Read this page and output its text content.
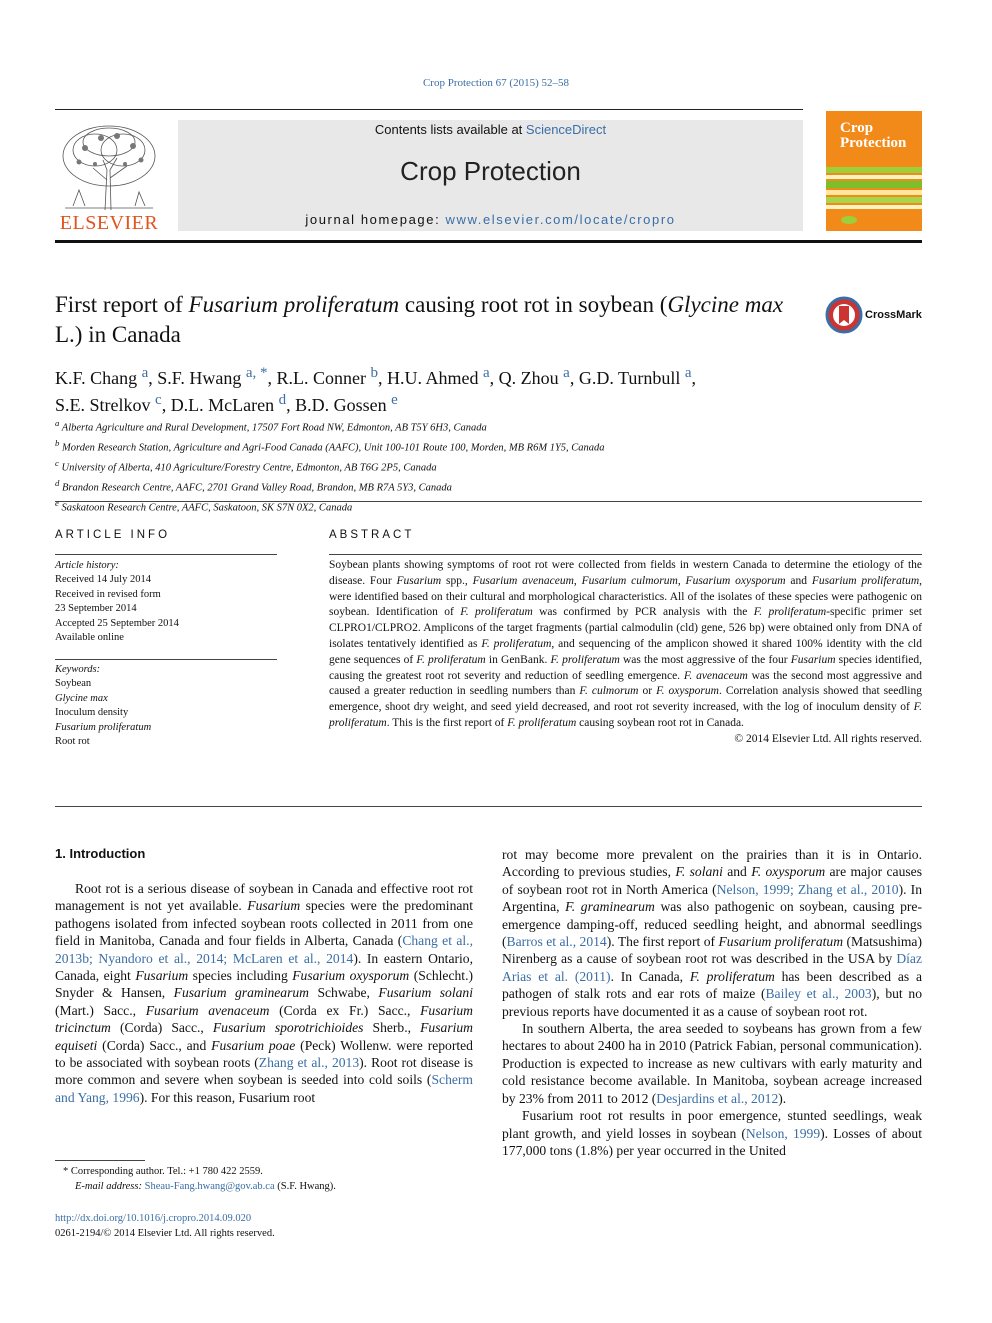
Crop Protection 67 (2015) 52–58
ELSEVIER
Contents lists available at ScienceDirect
Crop Protection
journal homepage: www.elsevier.com/locate/cropro
Crop
Protection
First report of Fusarium proliferatum causing root rot in soybean (Glycine max L.) in Canada
CrossMark
K.F. Chang $^a$, S.F. Hwang $^{a, *}$, R.L. Conner $^b$, H.U. Ahmed $^a$, Q. Zhou $^a$, G.D. Turnbull $^a$,
S.E. Strelkov $^c$, D.L. McLaren $^d$, B.D. Gossen $^e$
$^a$ Alberta Agriculture and Rural Development, 17507 Fort Road NW, Edmonton, AB T5Y 6H3, Canada
$^b$ Morden Research Station, Agriculture and Agri-Food Canada (AAFC), Unit 100-101 Route 100, Morden, MB R6M 1Y5, Canada
$^c$ University of Alberta, 410 Agriculture/Forestry Centre, Edmonton, AB T6G 2P5, Canada
$^d$ Brandon Research Centre, AAFC, 2701 Grand Valley Road, Brandon, MB R7A 5Y3, Canada
$^e$ Saskatoon Research Centre, AAFC, Saskatoon, SK S7N 0X2, Canada
ARTICLE INFO
Article history:
Received 14 July 2014
Received in revised form
23 September 2014
Accepted 25 September 2014
Available online
Keywords:
Soybean
Glycine max
Inoculum density
Fusarium proliferatum
Root rot
ABSTRACT

Soybean plants showing symptoms of root rot were collected from fields in western Canada to determine the etiology of the disease. Four Fusarium spp., Fusarium avenaceum, Fusarium culmorum, Fusarium oxysporum and Fusarium proliferatum, were identified based on their cultural and morphological characteristics. All of the isolates of these species were pathogenic on soybean. Identification of F. proliferatum was confirmed by PCR analysis with the F. proliferatum-specific primer set CLPRO1/CLPRO2. Amplicons of the target fragments (partial calmodulin (cld) gene, 526 bp) were obtained only from DNA of isolates tentatively identified as F. proliferatum, and sequencing of the amplicon showed it shared 100% identity with the cld gene sequences of F. proliferatum in GenBank. F. proliferatum was the most aggressive of the four Fusarium species identified, causing the greatest root rot severity and reduction of seedling emergence. F. avenaceum was the second most aggressive and caused a greater reduction in seedling numbers than F. culmorum or F. oxysporum. Correlation analysis showed that seedling emergence, shoot dry weight, and seed yield decreased, and root rot severity increased, with the log of inoculum density of F. proliferatum. This is the first report of F. proliferatum causing soybean root rot in Canada.

© 2014 Elsevier Ltd. All rights reserved.
1. Introduction

Root rot is a serious disease of soybean in Canada and effective root rot management is not yet available. Fusarium species were the predominant pathogens isolated from infected soybean roots collected in 2011 from one field in Manitoba, Canada and four fields in Alberta, Canada (Chang et al., 2013b; Nyandoro et al., 2014; McLaren et al., 2014). In eastern Ontario, Canada, eight Fusarium species including Fusarium oxysporum (Schlecht.) Snyder & Hansen, Fusarium graminearum Schwabe, Fusarium solani (Mart.) Sacc., Fusarium avenaceum (Corda ex Fr.) Sacc., Fusarium tricinctum (Corda) Sacc., Fusarium sporotrichioides Sherb., Fusarium equiseti (Corda) Sacc., and Fusarium poae (Peck) Wollenw. were reported to be associated with soybean roots (Zhang et al., 2013). Root rot disease is more common and severe when soybean is seeded into cold soils (Scherm and Yang, 1996). For this reason, Fusarium root

rot may become more prevalent on the prairies than it is in Ontario. According to previous studies, F. solani and F. oxysporum are major causes of soybean root rot in North America (Nelson, 1999; Zhang et al., 2010). In Argentina, F. graminearum was also pathogenic on soybean, causing pre-emergence damping-off, reduced seedling height, and abnormal seedlings (Barros et al., 2014). The first report of Fusarium proliferatum (Matsushima) Nirenberg as a cause of soybean root rot was described in the USA by Díaz Arias et al. (2011). In Canada, F. proliferatum has been described as a pathogen of stalk rots and ear rots of maize (Bailey et al., 2003), but no previous reports have documented it as a cause of soybean root rot.

In southern Alberta, the area seeded to soybeans has grown from a few hectares to about 2400 ha in 2010 (Patrick Fabian, personal communication). Production is expected to increase as new cultivars with early maturity and cold resistance become available. In Manitoba, soybean acreage increased by 23% from 2011 to 2012 (Desjardins et al., 2012).

Fusarium root rot results in poor emergence, stunted seedlings, weak plant growth, and yield losses in soybean (Nelson, 1999). Losses of about 177,000 tons (1.8%) per year occurred in the United

* Corresponding author. Tel.: +1 780 422 2559.
E-mail address: Sheau-Fang.hwang@gov.ab.ca (S.F. Hwang).
http://dx.doi.org/10.1016/j.cropro.2014.09.020
0261-2194/© 2014 Elsevier Ltd. All rights reserved.
